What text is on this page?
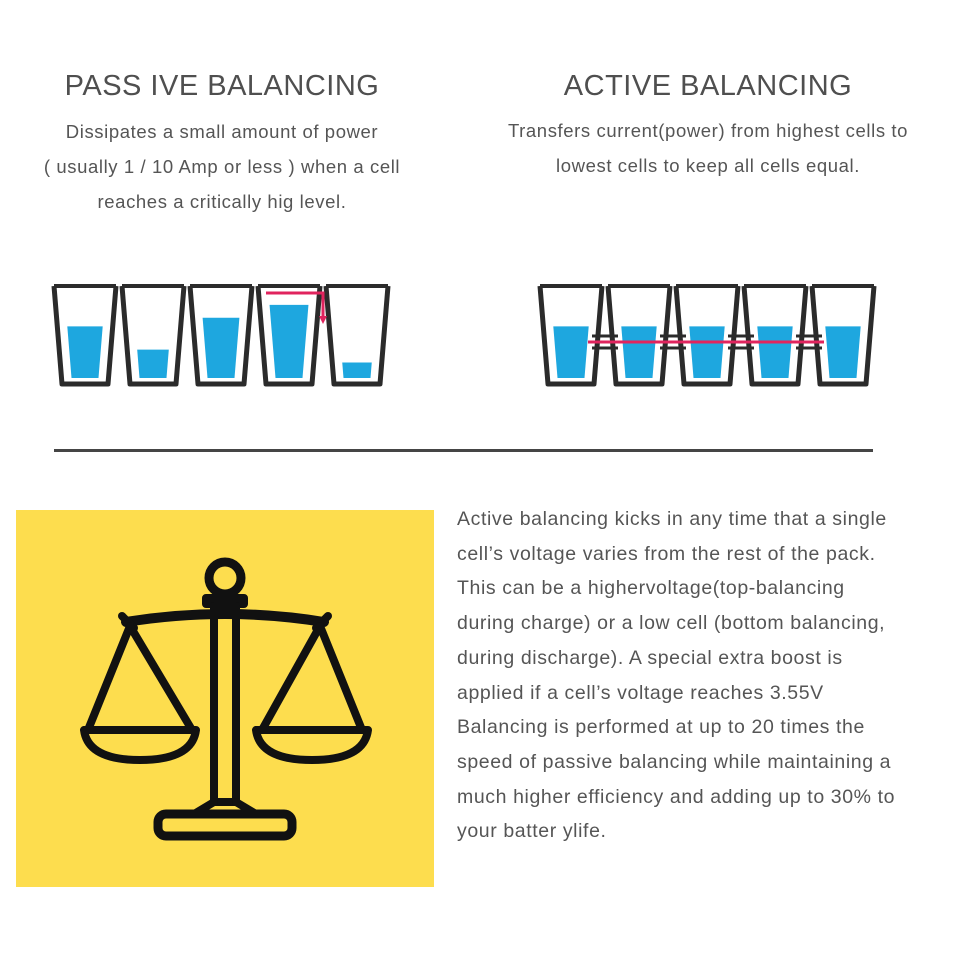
PASS IVE BALANCING

Dissipates a small amount of power
( usually 1 / 10 Amp or less ) when a cell
reaches a critically hig level.

ACTIVE BALANCING

Transfers current(power) from highest cells to
lowest cells to keep all cells equal.

Active balancing kicks in any time that a single
cell’s voltage varies from the rest of the pack.
This can be a highervoltage(top-balancing
during charge) or a low cell (bottom balancing,
during discharge). A special extra boost is
applied if a cell’s voltage reaches 3.55V
Balancing is performed at up to 20 times the
speed of passive balancing while maintaining a
much higher efficiency and adding up to 30% to
your batter ylife.
